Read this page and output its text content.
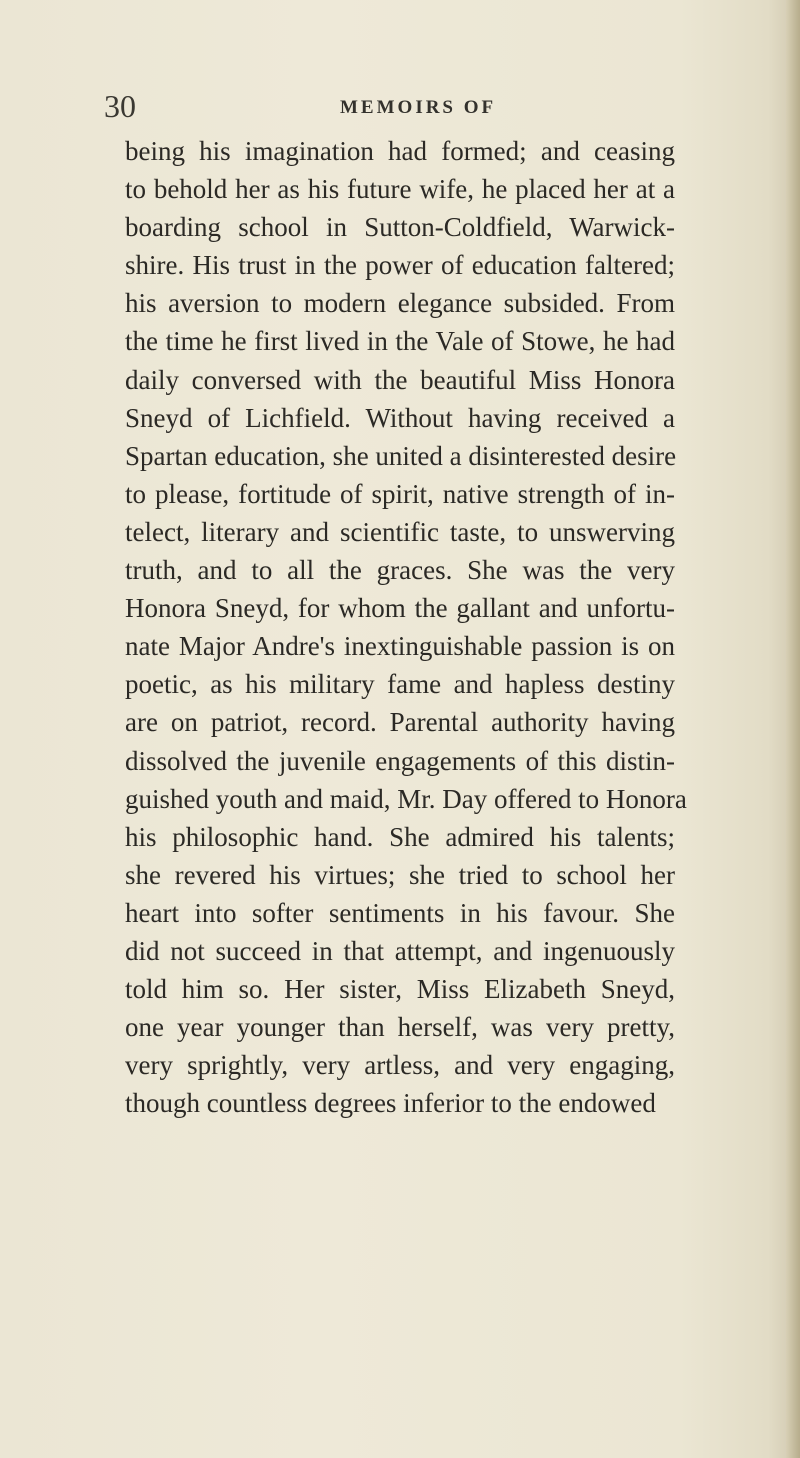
30	MEMOIRS OF
being his imagination had formed; and ceasing
to behold her as his future wife, he placed her at a
boarding school in Sutton-Coldfield, Warwick-
shire. His trust in the power of education faltered;
his aversion to modern elegance subsided. From
the time he first lived in the Vale of Stowe, he had
daily conversed with the beautiful Miss Honora
Sneyd of Lichfield. Without having received a
Spartan education, she united a disinterested desire
to please, fortitude of spirit, native strength of in-
telect, literary and scientific taste, to unswerving
truth, and to all the graces. She was the very
Honora Sneyd, for whom the gallant and unfortu-
nate Major Andre's inextinguishable passion is on
poetic, as his military fame and hapless destiny
are on patriot, record. Parental authority having
dissolved the juvenile engagements of this distin-
guished youth and maid, Mr. Day offered to Honora
his philosophic hand. She admired his talents;
she revered his virtues; she tried to school her
heart into softer sentiments in his favour. She
did not succeed in that attempt, and ingenuously
told him so. Her sister, Miss Elizabeth Sneyd,
one year younger than herself, was very pretty,
very sprightly, very artless, and very engaging,
though countless degrees inferior to the endowed
